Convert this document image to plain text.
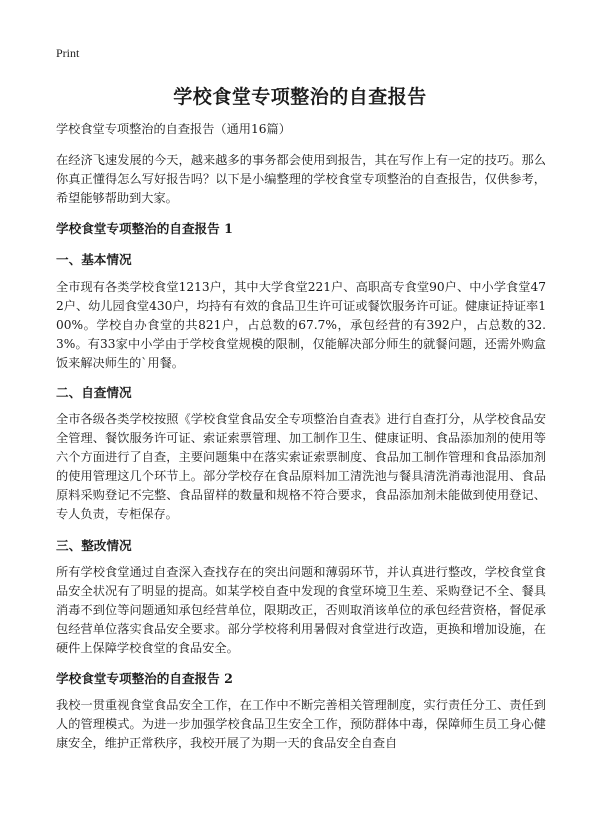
Print
学校食堂专项整治的自查报告

学校食堂专项整治的自查报告（通用16篇）

在经济飞速发展的今天，越来越多的事务都会使用到报告，其在写作上有一定的技巧。那么你真正懂得怎么写好报告吗？以下是小编整理的学校食堂专项整治的自查报告，仅供参考，希望能够帮助到大家。

学校食堂专项整治的自查报告 1
一、基本情况

全市现有各类学校食堂1213户，其中大学食堂221户、高职高专食堂90户、中小学食堂472户、幼儿园食堂430户，均持有有效的食品卫生许可证或餐饮服务许可证。健康证持证率100%。学校自办食堂的共821户，占总数的67.7%，承包经营的有392户，占总数的32.3%。有33家中小学由于学校食堂规模的限制，仅能解决部分师生的就餐问题，还需外购盒饭来解决师生的`用餐。

二、自查情况

全市各级各类学校按照《学校食堂食品安全专项整治自查表》进行自查打分，从学校食品安全管理、餐饮服务许可证、索证索票管理、加工制作卫生、健康证明、食品添加剂的使用等六个方面进行了自查，主要问题集中在落实索证索票制度、食品加工制作管理和食品添加剂的使用管理这几个环节上。部分学校存在食品原料加工清洗池与餐具清洗消毒池混用、食品原料采购登记不完整、食品留样的数量和规格不符合要求，食品添加剂未能做到使用登记、专人负责，专柜保存。

三、整改情况

所有学校食堂通过自查深入查找存在的突出问题和薄弱环节，并认真进行整改，学校食堂食品安全状况有了明显的提高。如某学校自查中发现的食堂环境卫生差、采购登记不全、餐具消毒不到位等问题通知承包经营单位，限期改正，否则取消该单位的承包经营资格，督促承包经营单位落实食品安全要求。部分学校将利用暑假对食堂进行改造，更换和增加设施，在硬件上保障学校食堂的食品安全。

学校食堂专项整治的自查报告 2

我校一贯重视食堂食品安全工作，在工作中不断完善相关管理制度，实行责任分工、责任到人的管理模式。为进一步加强学校食品卫生安全工作，预防群体中毒，保障师生员工身心健康安全，维护正常秩序，我校开展了为期一天的食品安全自查自
